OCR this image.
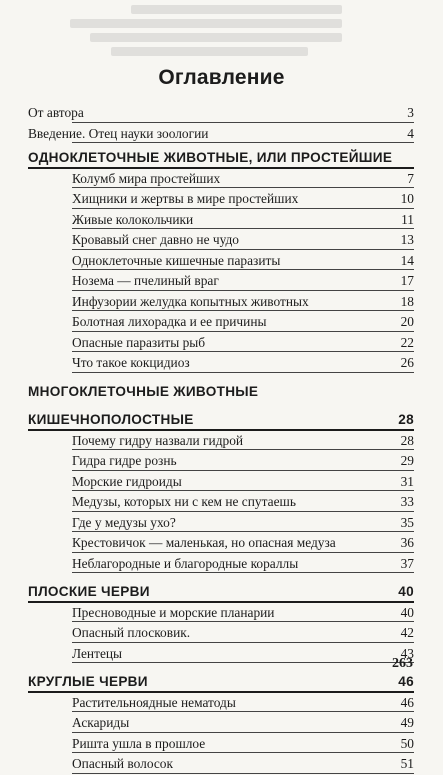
Оглавление
От автора	3
Введение. Отец науки зоологии	4
ОДНОКЛЕТОЧНЫЕ ЖИВОТНЫЕ, ИЛИ ПРОСТЕЙШИЕ
Колумб мира простейших	7
Хищники и жертвы в мире простейших	10
Живые колокольчики	11
Кровавый снег давно не чудо	13
Одноклеточные кишечные паразиты	14
Нозема — пчелиный враг	17
Инфузории желудка копытных животных	18
Болотная лихорадка и ее причины	20
Опасные паразиты рыб	22
Что такое кокцидиоз	26
МНОГОКЛЕТОЧНЫЕ ЖИВОТНЫЕ
КИШЕЧНОПОЛОСТНЫЕ	28
Почему гидру назвали гидрой	28
Гидра гидре рознь	29
Морские гидроиды	31
Медузы, которых ни с кем не спутаешь	33
Где у медузы ухо?	35
Крестовичок — маленькая, но опасная медуза	36
Неблагородные и благородные кораллы	37
ПЛОСКИЕ ЧЕРВИ	40
Пресноводные и морские планарии	40
Опасный плосковик.	42
Лентецы	43
КРУГЛЫЕ ЧЕРВИ	46
Растительноядные нематоды	46
Аскариды	49
Ришта ушла в прошлое	50
Опасный волосок	51
263
